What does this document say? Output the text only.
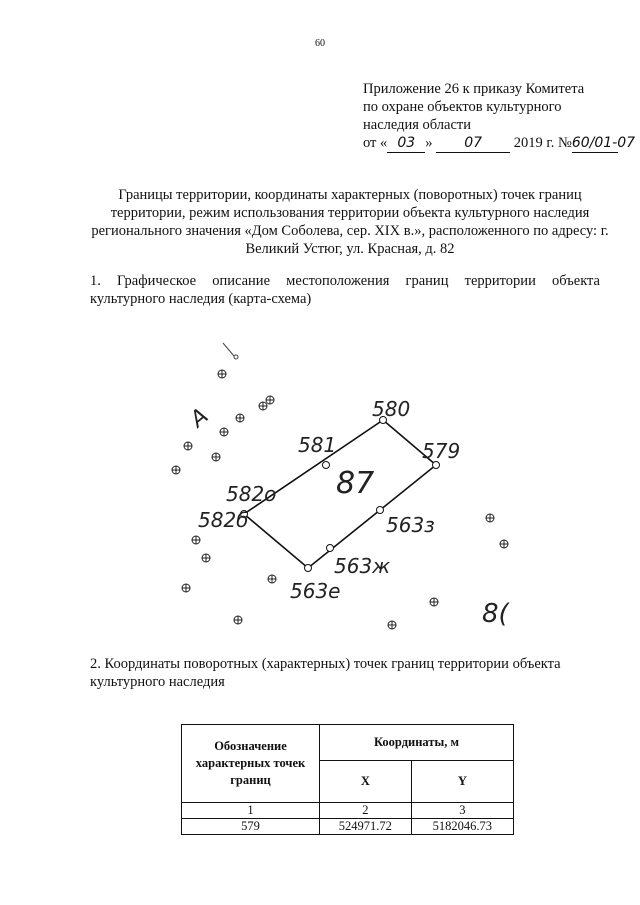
60
Приложение 26 к приказу Комитета
по охране объектов культурного
наследия области
от « 03 » 07 2019 г. №60/01-07
Границы территории, координаты характерных (поворотных) точек границ территории, режим использования территории объекта культурного наследия регионального значения «Дом Соболева, сер. XIX в.», расположенного по адресу: г. Великий Устюг, ул. Красная, д. 82
1. Графическое описание местоположения границ территории объекта культурного наследия (карта-схема)
87
580
579
581
582о
582б	563з
563ж
563е
А
8(
2. Координаты поворотных (характерных) точек границ территории объекта культурного наследия
Обозначение характерных точек границ	Координаты, м	
	X	Y
1	2	3
579	524971.72	5182046.73
